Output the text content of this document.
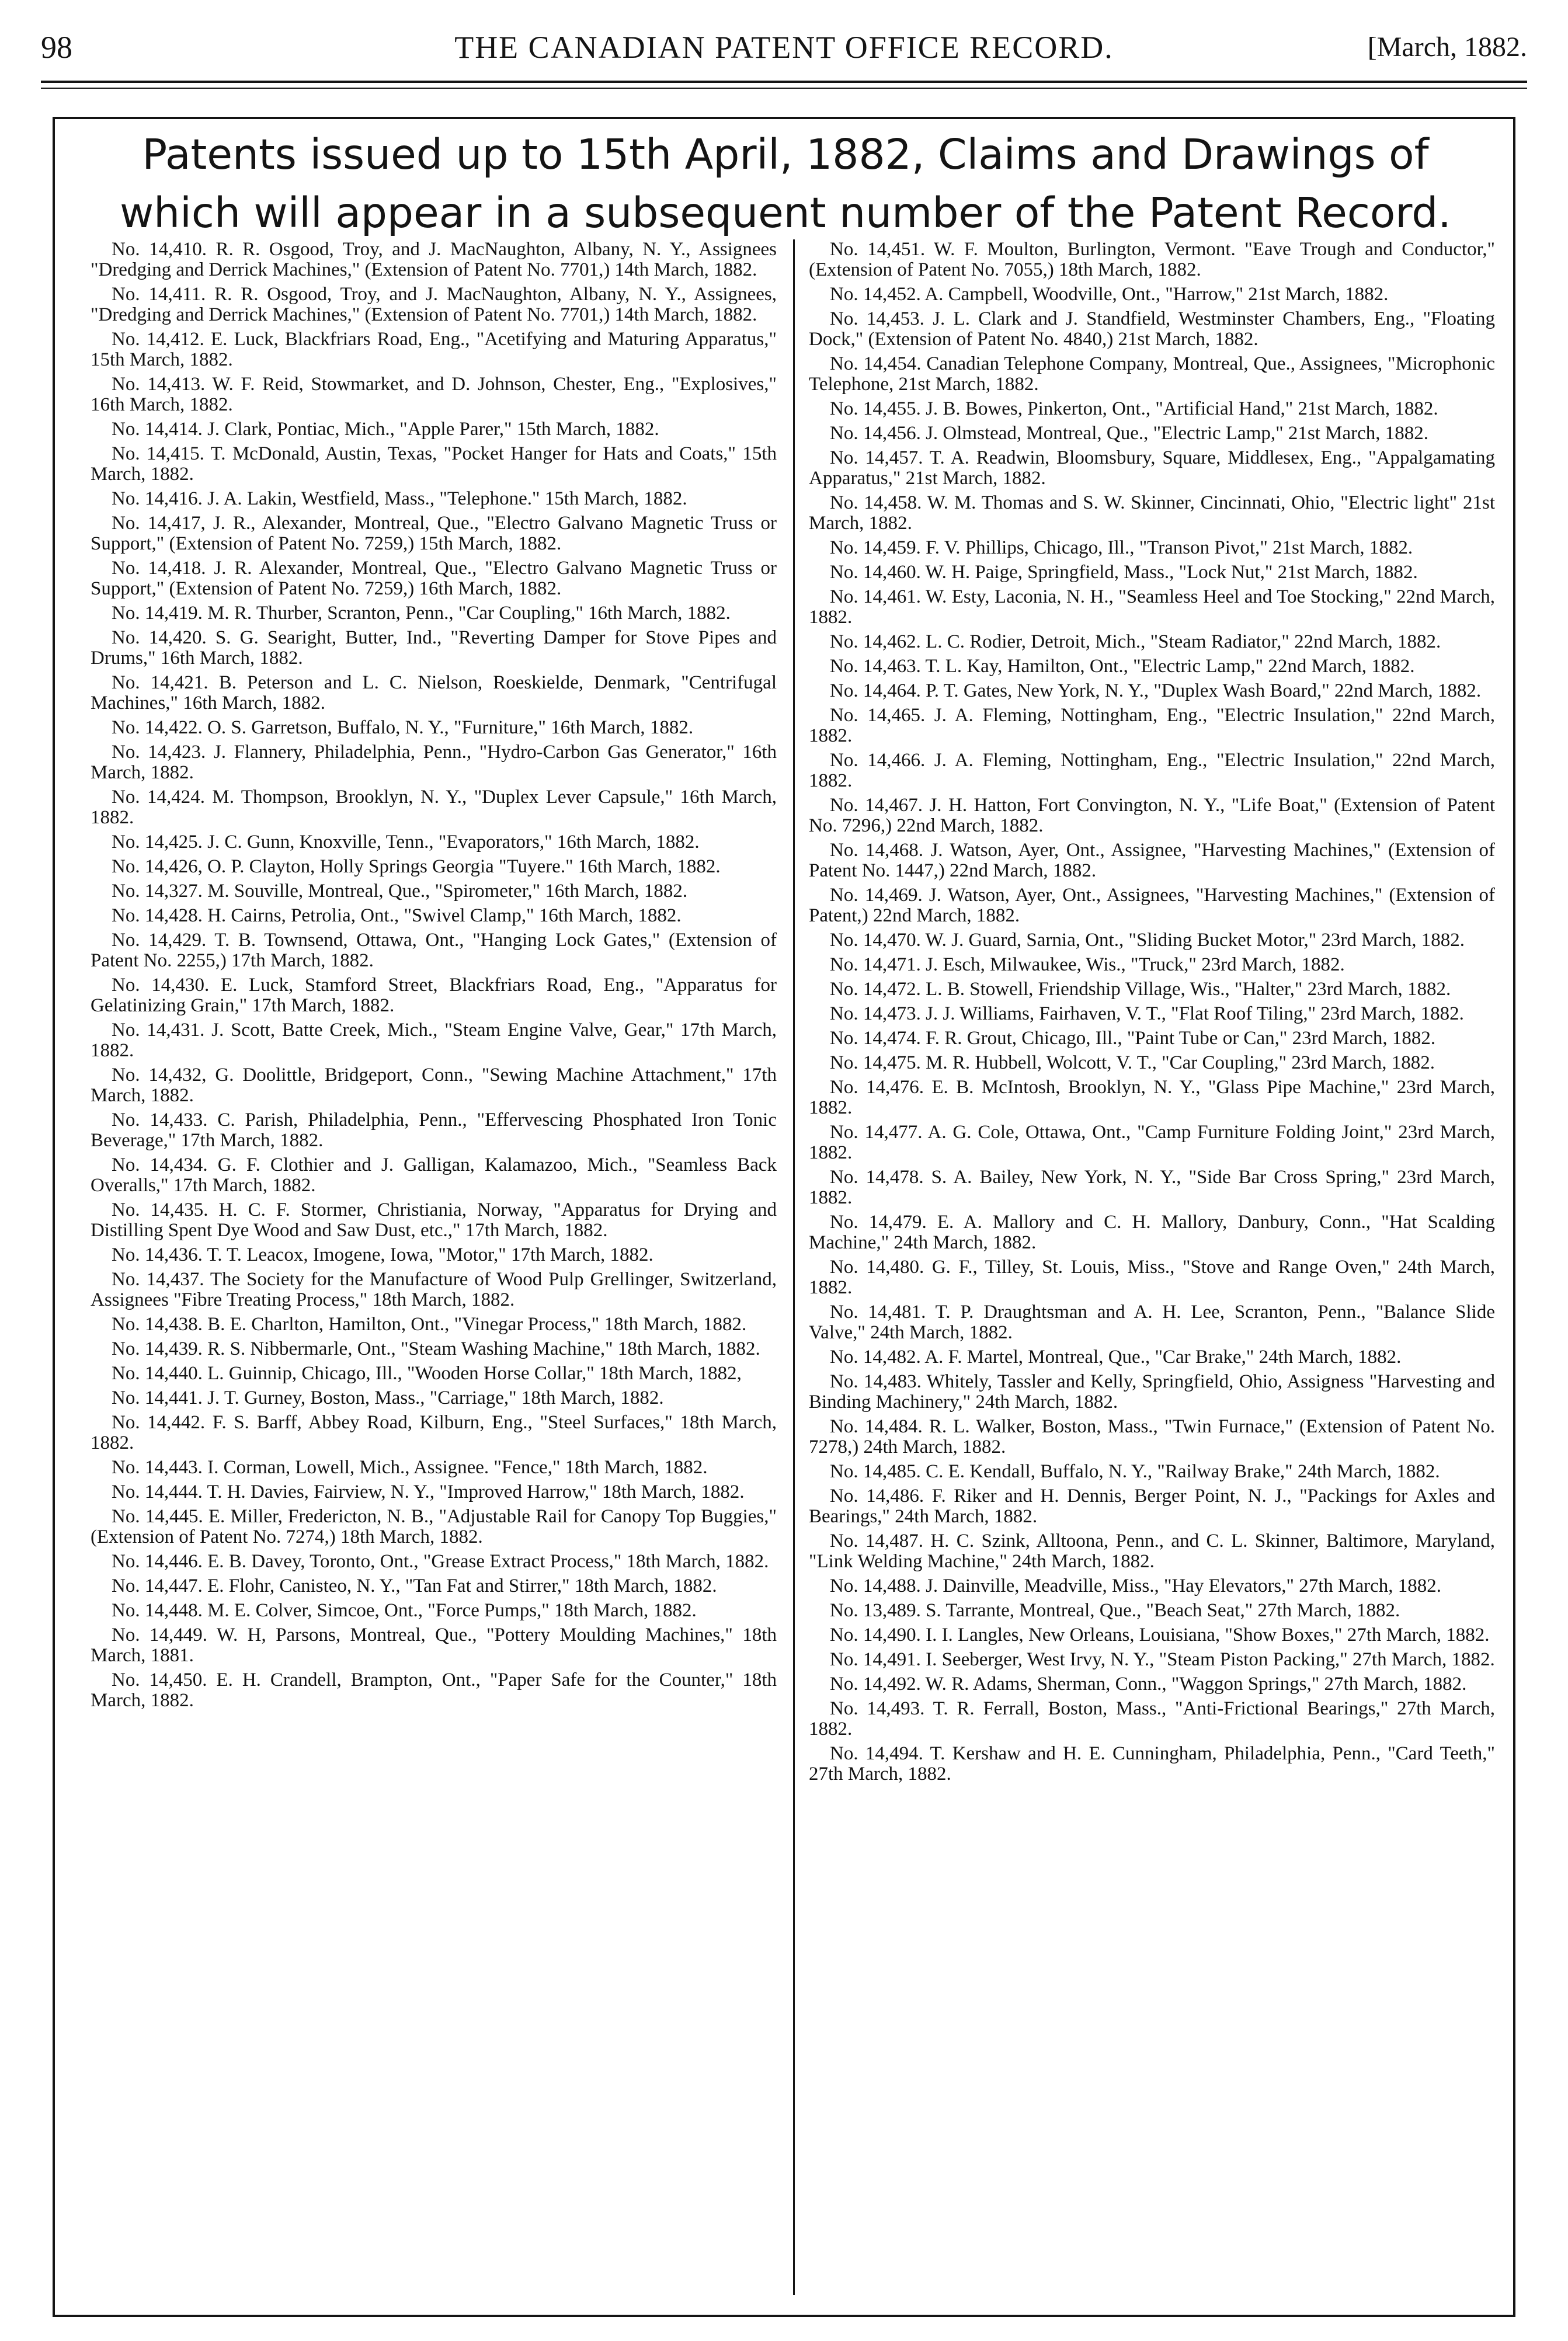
98	THE CANADIAN PATENT OFFICE RECORD.	[March, 1882.
Patents issued up to 15th April, 1882, Claims and Drawings of
which will appear in a subsequent number of the Patent Record.

No. 14,410. R. R. Osgood, Troy, and J. MacNaughton, Albany, N. Y., Assignees "Dredging and Derrick Machines," (Extension of Patent No. 7701,) 14th March, 1882.

No. 14,411. R. R. Osgood, Troy, and J. MacNaughton, Albany, N. Y., Assignees, "Dredging and Derrick Machines," (Extension of Patent No. 7701,) 14th March, 1882.

No. 14,412. E. Luck, Blackfriars Road, Eng., "Acetifying and Maturing Apparatus," 15th March, 1882.

No. 14,413. W. F. Reid, Stowmarket, and D. Johnson, Chester, Eng., "Explosives," 16th March, 1882.

No. 14,414. J. Clark, Pontiac, Mich., "Apple Parer," 15th March, 1882.

No. 14,415. T. McDonald, Austin, Texas, "Pocket Hanger for Hats and Coats," 15th March, 1882.

No. 14,416. J. A. Lakin, Westfield, Mass., "Telephone." 15th March, 1882.

No. 14,417, J. R., Alexander, Montreal, Que., "Electro Galvano Magnetic Truss or Support," (Extension of Patent No. 7259,) 15th March, 1882.

No. 14,418. J. R. Alexander, Montreal, Que., "Electro Galvano Magnetic Truss or Support," (Extension of Patent No. 7259,) 16th March, 1882.

No. 14,419. M. R. Thurber, Scranton, Penn., "Car Coupling," 16th March, 1882.

No. 14,420. S. G. Searight, Butter, Ind., "Reverting Damper for Stove Pipes and Drums," 16th March, 1882.

No. 14,421. B. Peterson and L. C. Nielson, Roeskielde, Denmark, "Centrifugal Machines," 16th March, 1882.

No. 14,422. O. S. Garretson, Buffalo, N. Y., "Furniture," 16th March, 1882.

No. 14,423. J. Flannery, Philadelphia, Penn., "Hydro-Carbon Gas Generator," 16th March, 1882.

No. 14,424. M. Thompson, Brooklyn, N. Y., "Duplex Lever Capsule," 16th March, 1882.

No. 14,425. J. C. Gunn, Knoxville, Tenn., "Evaporators," 16th March, 1882.

No. 14,426, O. P. Clayton, Holly Springs Georgia "Tuyere." 16th March, 1882.

No. 14,327. M. Souville, Montreal, Que., "Spirometer," 16th March, 1882.

No. 14,428. H. Cairns, Petrolia, Ont., "Swivel Clamp," 16th March, 1882.

No. 14,429. T. B. Townsend, Ottawa, Ont., "Hanging Lock Gates," (Extension of Patent No. 2255,) 17th March, 1882.

No. 14,430. E. Luck, Stamford Street, Blackfriars Road, Eng., "Apparatus for Gelatinizing Grain," 17th March, 1882.

No. 14,431. J. Scott, Batte Creek, Mich., "Steam Engine Valve, Gear," 17th March, 1882.

No. 14,432, G. Doolittle, Bridgeport, Conn., "Sewing Machine Attachment," 17th March, 1882.

No. 14,433. C. Parish, Philadelphia, Penn., "Effervescing Phosphated Iron Tonic Beverage," 17th March, 1882.

No. 14,434. G. F. Clothier and J. Galligan, Kalamazoo, Mich., "Seamless Back Overalls," 17th March, 1882.

No. 14,435. H. C. F. Stormer, Christiania, Norway, "Apparatus for Drying and Distilling Spent Dye Wood and Saw Dust, etc.," 17th March, 1882.

No. 14,436. T. T. Leacox, Imogene, Iowa, "Motor," 17th March, 1882.

No. 14,437. The Society for the Manufacture of Wood Pulp Grellinger, Switzerland, Assignees "Fibre Treating Process," 18th March, 1882.

No. 14,438. B. E. Charlton, Hamilton, Ont., "Vinegar Process," 18th March, 1882.

No. 14,439. R. S. Nibbermarle, Ont., "Steam Washing Machine," 18th March, 1882.

No. 14,440. L. Guinnip, Chicago, Ill., "Wooden Horse Collar," 18th March, 1882,

No. 14,441. J. T. Gurney, Boston, Mass., "Carriage," 18th March, 1882.

No. 14,442. F. S. Barff, Abbey Road, Kilburn, Eng., "Steel Surfaces," 18th March, 1882.

No. 14,443. I. Corman, Lowell, Mich., Assignee. "Fence," 18th March, 1882.

No. 14,444. T. H. Davies, Fairview, N. Y., "Improved Harrow," 18th March, 1882.

No. 14,445. E. Miller, Fredericton, N. B., "Adjustable Rail for Canopy Top Buggies," (Extension of Patent No. 7274,) 18th March, 1882.

No. 14,446. E. B. Davey, Toronto, Ont., "Grease Extract Process," 18th March, 1882.

No. 14,447. E. Flohr, Canisteo, N. Y., "Tan Fat and Stirrer," 18th March, 1882.

No. 14,448. M. E. Colver, Simcoe, Ont., "Force Pumps," 18th March, 1882.

No. 14,449. W. H, Parsons, Montreal, Que., "Pottery Moulding Machines," 18th March, 1881.

No. 14,450. E. H. Crandell, Brampton, Ont., "Paper Safe for the Counter," 18th March, 1882.

No. 14,451. W. F. Moulton, Burlington, Vermont. "Eave Trough and Conductor," (Extension of Patent No. 7055,) 18th March, 1882.

No. 14,452. A. Campbell, Woodville, Ont., "Harrow," 21st March, 1882.

No. 14,453. J. L. Clark and J. Standfield, Westminster Chambers, Eng., "Floating Dock," (Extension of Patent No. 4840,) 21st March, 1882.

No. 14,454. Canadian Telephone Company, Montreal, Que., Assignees, "Microphonic Telephone, 21st March, 1882.

No. 14,455. J. B. Bowes, Pinkerton, Ont., "Artificial Hand," 21st March, 1882.

No. 14,456. J. Olmstead, Montreal, Que., "Electric Lamp," 21st March, 1882.

No. 14,457. T. A. Readwin, Bloomsbury, Square, Middlesex, Eng., "Appalgamating Apparatus," 21st March, 1882.

No. 14,458. W. M. Thomas and S. W. Skinner, Cincinnati, Ohio, "Electric light" 21st March, 1882.

No. 14,459. F. V. Phillips, Chicago, Ill., "Transon Pivot," 21st March, 1882.

No. 14,460. W. H. Paige, Springfield, Mass., "Lock Nut," 21st March, 1882.

No. 14,461. W. Esty, Laconia, N. H., "Seamless Heel and Toe Stocking," 22nd March, 1882.

No. 14,462. L. C. Rodier, Detroit, Mich., "Steam Radiator," 22nd March, 1882.

No. 14,463. T. L. Kay, Hamilton, Ont., "Electric Lamp," 22nd March, 1882.

No. 14,464. P. T. Gates, New York, N. Y., "Duplex Wash Board," 22nd March, 1882.

No. 14,465. J. A. Fleming, Nottingham, Eng., "Electric Insulation," 22nd March, 1882.

No. 14,466. J. A. Fleming, Nottingham, Eng., "Electric Insulation," 22nd March, 1882.

No. 14,467. J. H. Hatton, Fort Convington, N. Y., "Life Boat," (Extension of Patent No. 7296,) 22nd March, 1882.

No. 14,468. J. Watson, Ayer, Ont., Assignee, "Harvesting Machines," (Extension of Patent No. 1447,) 22nd March, 1882.

No. 14,469. J. Watson, Ayer, Ont., Assignees, "Harvesting Machines," (Extension of Patent,) 22nd March, 1882.

No. 14,470. W. J. Guard, Sarnia, Ont., "Sliding Bucket Motor," 23rd March, 1882.

No. 14,471. J. Esch, Milwaukee, Wis., "Truck," 23rd March, 1882.

No. 14,472. L. B. Stowell, Friendship Village, Wis., "Halter," 23rd March, 1882.

No. 14,473. J. J. Williams, Fairhaven, V. T., "Flat Roof Tiling," 23rd March, 1882.

No. 14,474. F. R. Grout, Chicago, Ill., "Paint Tube or Can," 23rd March, 1882.

No. 14,475. M. R. Hubbell, Wolcott, V. T., "Car Coupling," 23rd March, 1882.

No. 14,476. E. B. McIntosh, Brooklyn, N. Y., "Glass Pipe Machine," 23rd March, 1882.

No. 14,477. A. G. Cole, Ottawa, Ont., "Camp Furniture Folding Joint," 23rd March, 1882.

No. 14,478. S. A. Bailey, New York, N. Y., "Side Bar Cross Spring," 23rd March, 1882.

No. 14,479. E. A. Mallory and C. H. Mallory, Danbury, Conn., "Hat Scalding Machine," 24th March, 1882.

No. 14,480. G. F., Tilley, St. Louis, Miss., "Stove and Range Oven," 24th March, 1882.

No. 14,481. T. P. Draughtsman and A. H. Lee, Scranton, Penn., "Balance Slide Valve," 24th March, 1882.

No. 14,482. A. F. Martel, Montreal, Que., "Car Brake," 24th March, 1882.

No. 14,483. Whitely, Tassler and Kelly, Springfield, Ohio, Assigness "Harvesting and Binding Machinery," 24th March, 1882.

No. 14,484. R. L. Walker, Boston, Mass., "Twin Furnace," (Extension of Patent No. 7278,) 24th March, 1882.

No. 14,485. C. E. Kendall, Buffalo, N. Y., "Railway Brake," 24th March, 1882.

No. 14,486. F. Riker and H. Dennis, Berger Point, N. J., "Packings for Axles and Bearings," 24th March, 1882.

No. 14,487. H. C. Szink, Alltoona, Penn., and C. L. Skinner, Baltimore, Maryland, "Link Welding Machine," 24th March, 1882.

No. 14,488. J. Dainville, Meadville, Miss., "Hay Elevators," 27th March, 1882.

No. 13,489. S. Tarrante, Montreal, Que., "Beach Seat," 27th March, 1882.

No. 14,490. I. I. Langles, New Orleans, Louisiana, "Show Boxes," 27th March, 1882.

No. 14,491. I. Seeberger, West Irvy, N. Y., "Steam Piston Packing," 27th March, 1882.

No. 14,492. W. R. Adams, Sherman, Conn., "Waggon Springs," 27th March, 1882.

No. 14,493. T. R. Ferrall, Boston, Mass., "Anti-Frictional Bearings," 27th March, 1882.

No. 14,494. T. Kershaw and H. E. Cunningham, Philadelphia, Penn., "Card Teeth," 27th March, 1882.
